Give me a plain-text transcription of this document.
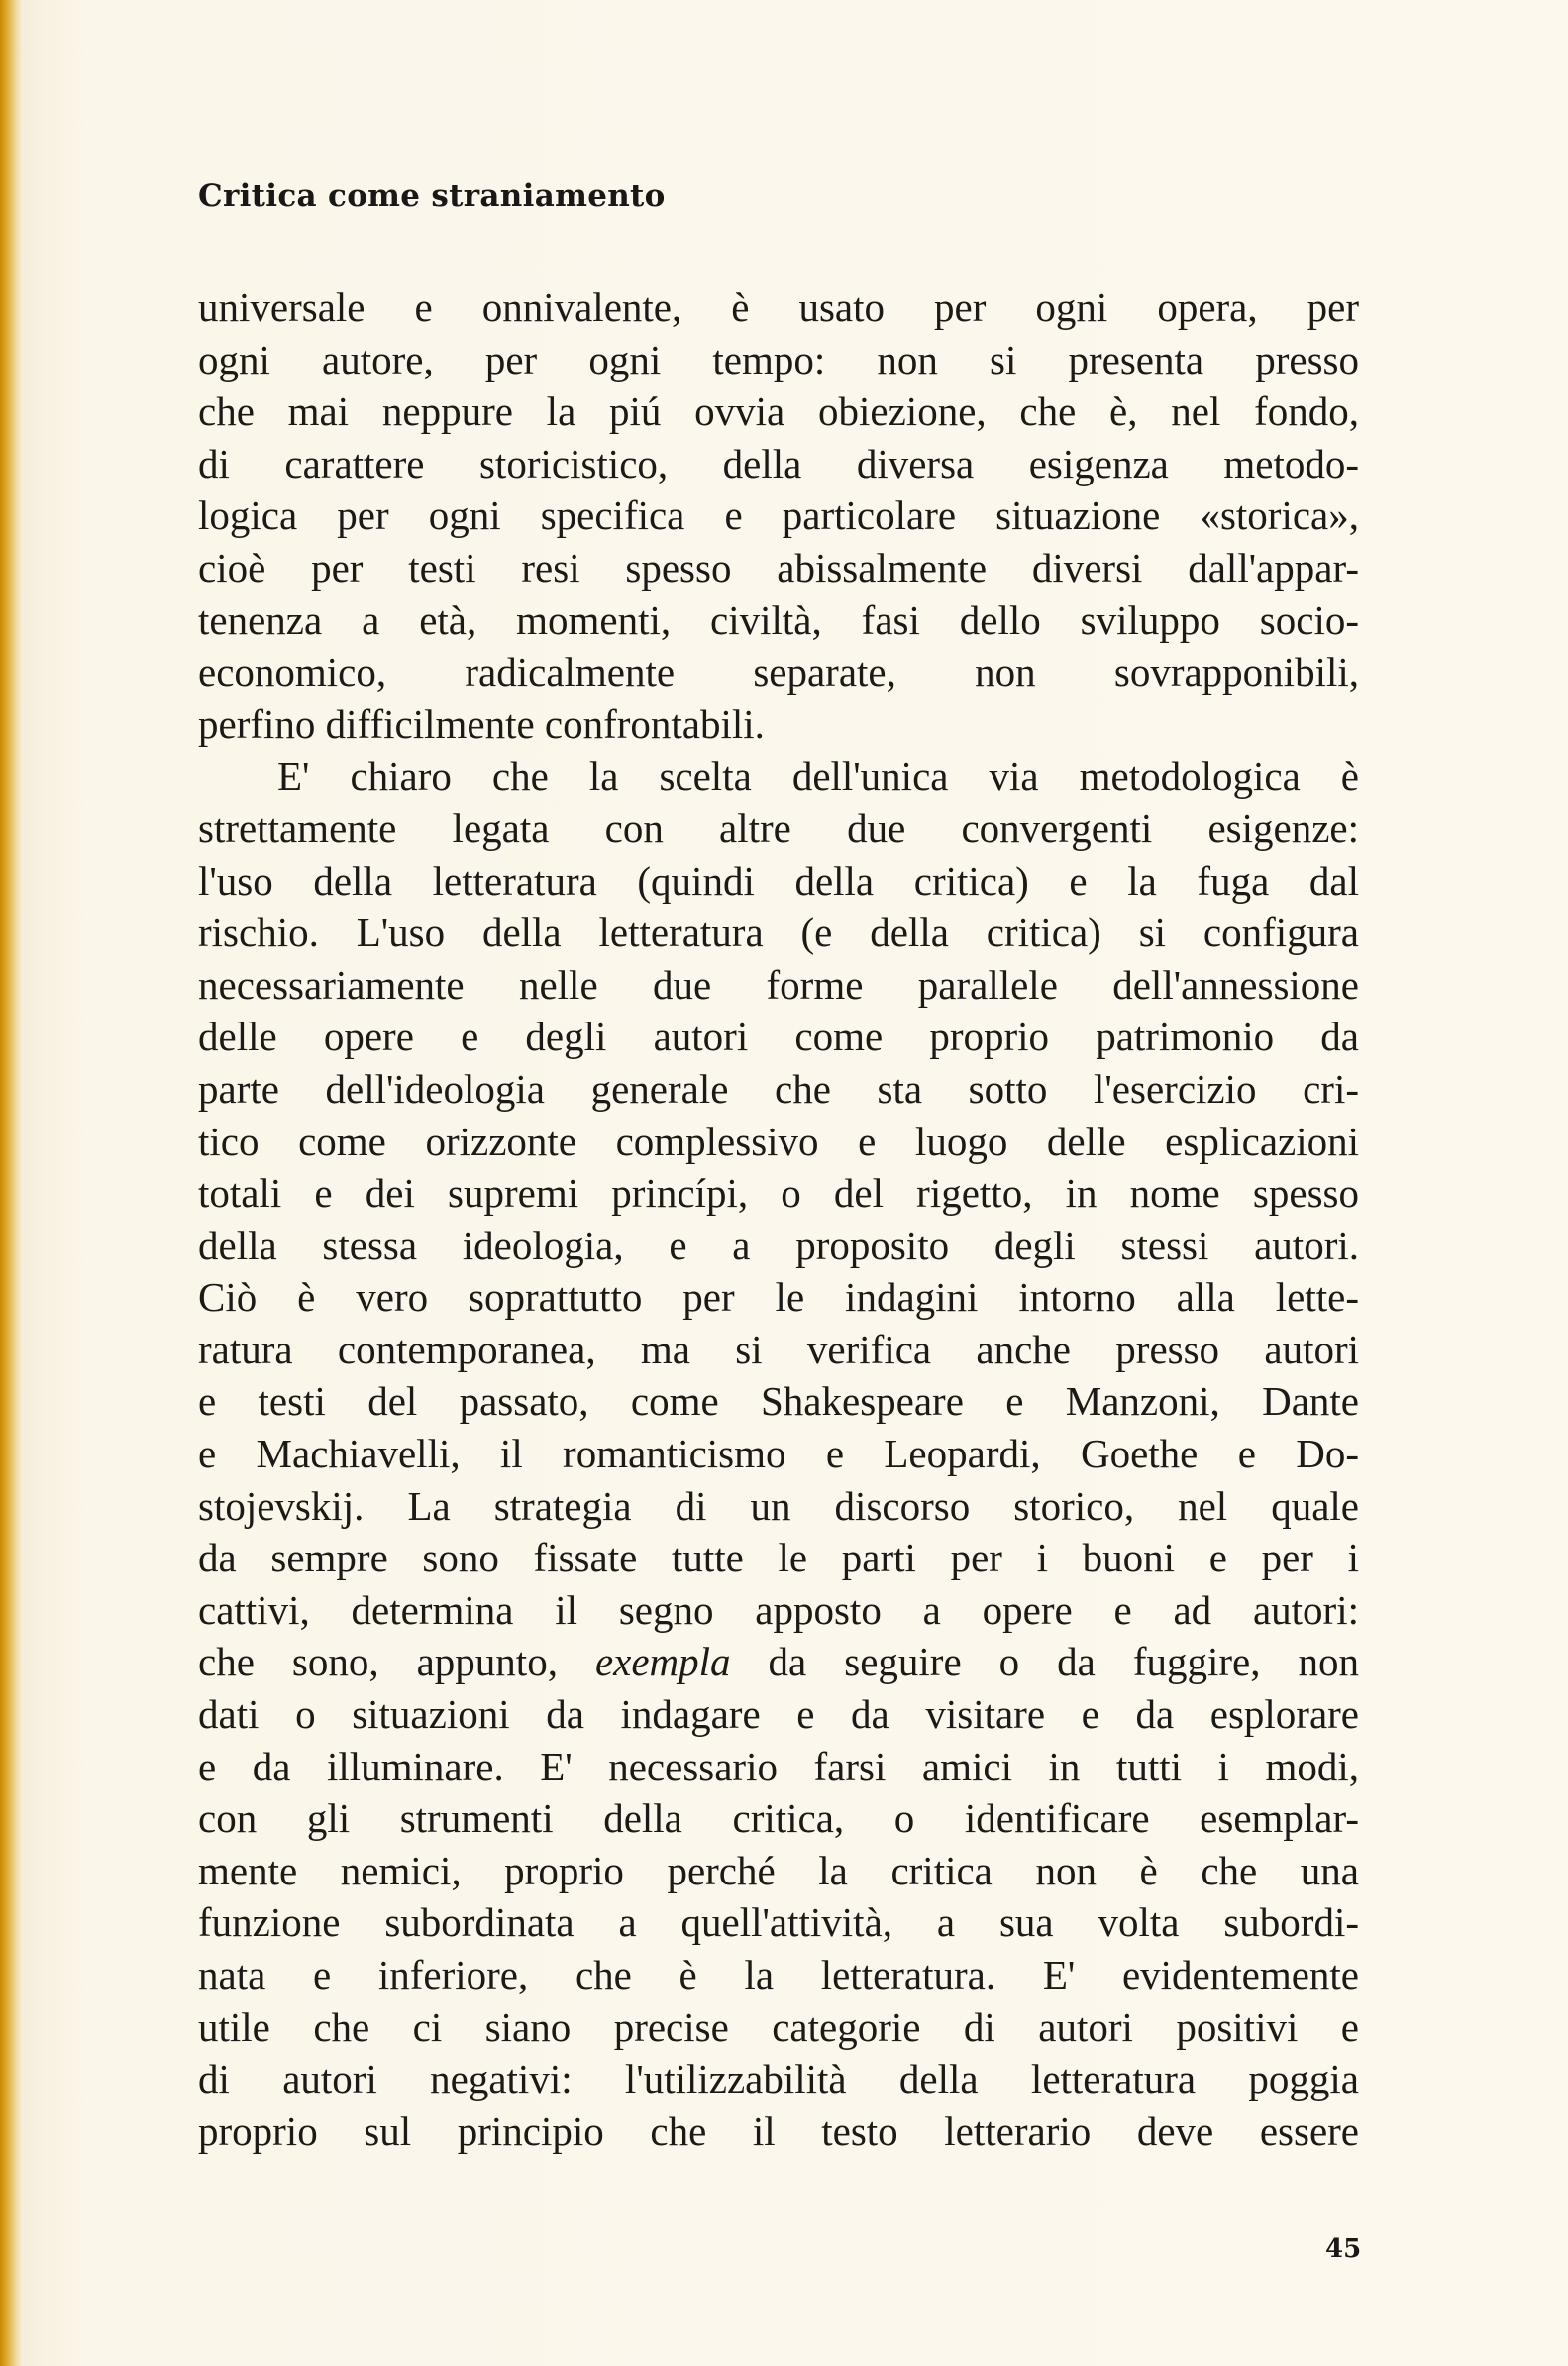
Critica come straniamento
universale e onnivalente, è usato per ogni opera, per
ogni autore, per ogni tempo: non si presenta presso
che mai neppure la piú ovvia obiezione, che è, nel fondo,
di carattere storicistico, della diversa esigenza metodo-
logica per ogni specifica e particolare situazione «storica»,
cioè per testi resi spesso abissalmente diversi dall'appar-
tenenza a età, momenti, civiltà, fasi dello sviluppo socio-
economico, radicalmente separate, non sovrapponibili,
perfino difficilmente confrontabili.
E' chiaro che la scelta dell'unica via metodologica è
strettamente legata con altre due convergenti esigenze:
l'uso della letteratura (quindi della critica) e la fuga dal
rischio. L'uso della letteratura (e della critica) si configura
necessariamente nelle due forme parallele dell'annessione
delle opere e degli autori come proprio patrimonio da
parte dell'ideologia generale che sta sotto l'esercizio cri-
tico come orizzonte complessivo e luogo delle esplicazioni
totali e dei supremi princípi, o del rigetto, in nome spesso
della stessa ideologia, e a proposito degli stessi autori.
Ciò è vero soprattutto per le indagini intorno alla lette-
ratura contemporanea, ma si verifica anche presso autori
e testi del passato, come Shakespeare e Manzoni, Dante
e Machiavelli, il romanticismo e Leopardi, Goethe e Do-
stojevskij. La strategia di un discorso storico, nel quale
da sempre sono fissate tutte le parti per i buoni e per i
cattivi, determina il segno apposto a opere e ad autori:
che sono, appunto, exempla da seguire o da fuggire, non
dati o situazioni da indagare e da visitare e da esplorare
e da illuminare. E' necessario farsi amici in tutti i modi,
con gli strumenti della critica, o identificare esemplar-
mente nemici, proprio perché la critica non è che una
funzione subordinata a quell'attività, a sua volta subordi-
nata e inferiore, che è la letteratura. E' evidentemente
utile che ci siano precise categorie di autori positivi e
di autori negativi: l'utilizzabilità della letteratura poggia
proprio sul principio che il testo letterario deve essere
45
